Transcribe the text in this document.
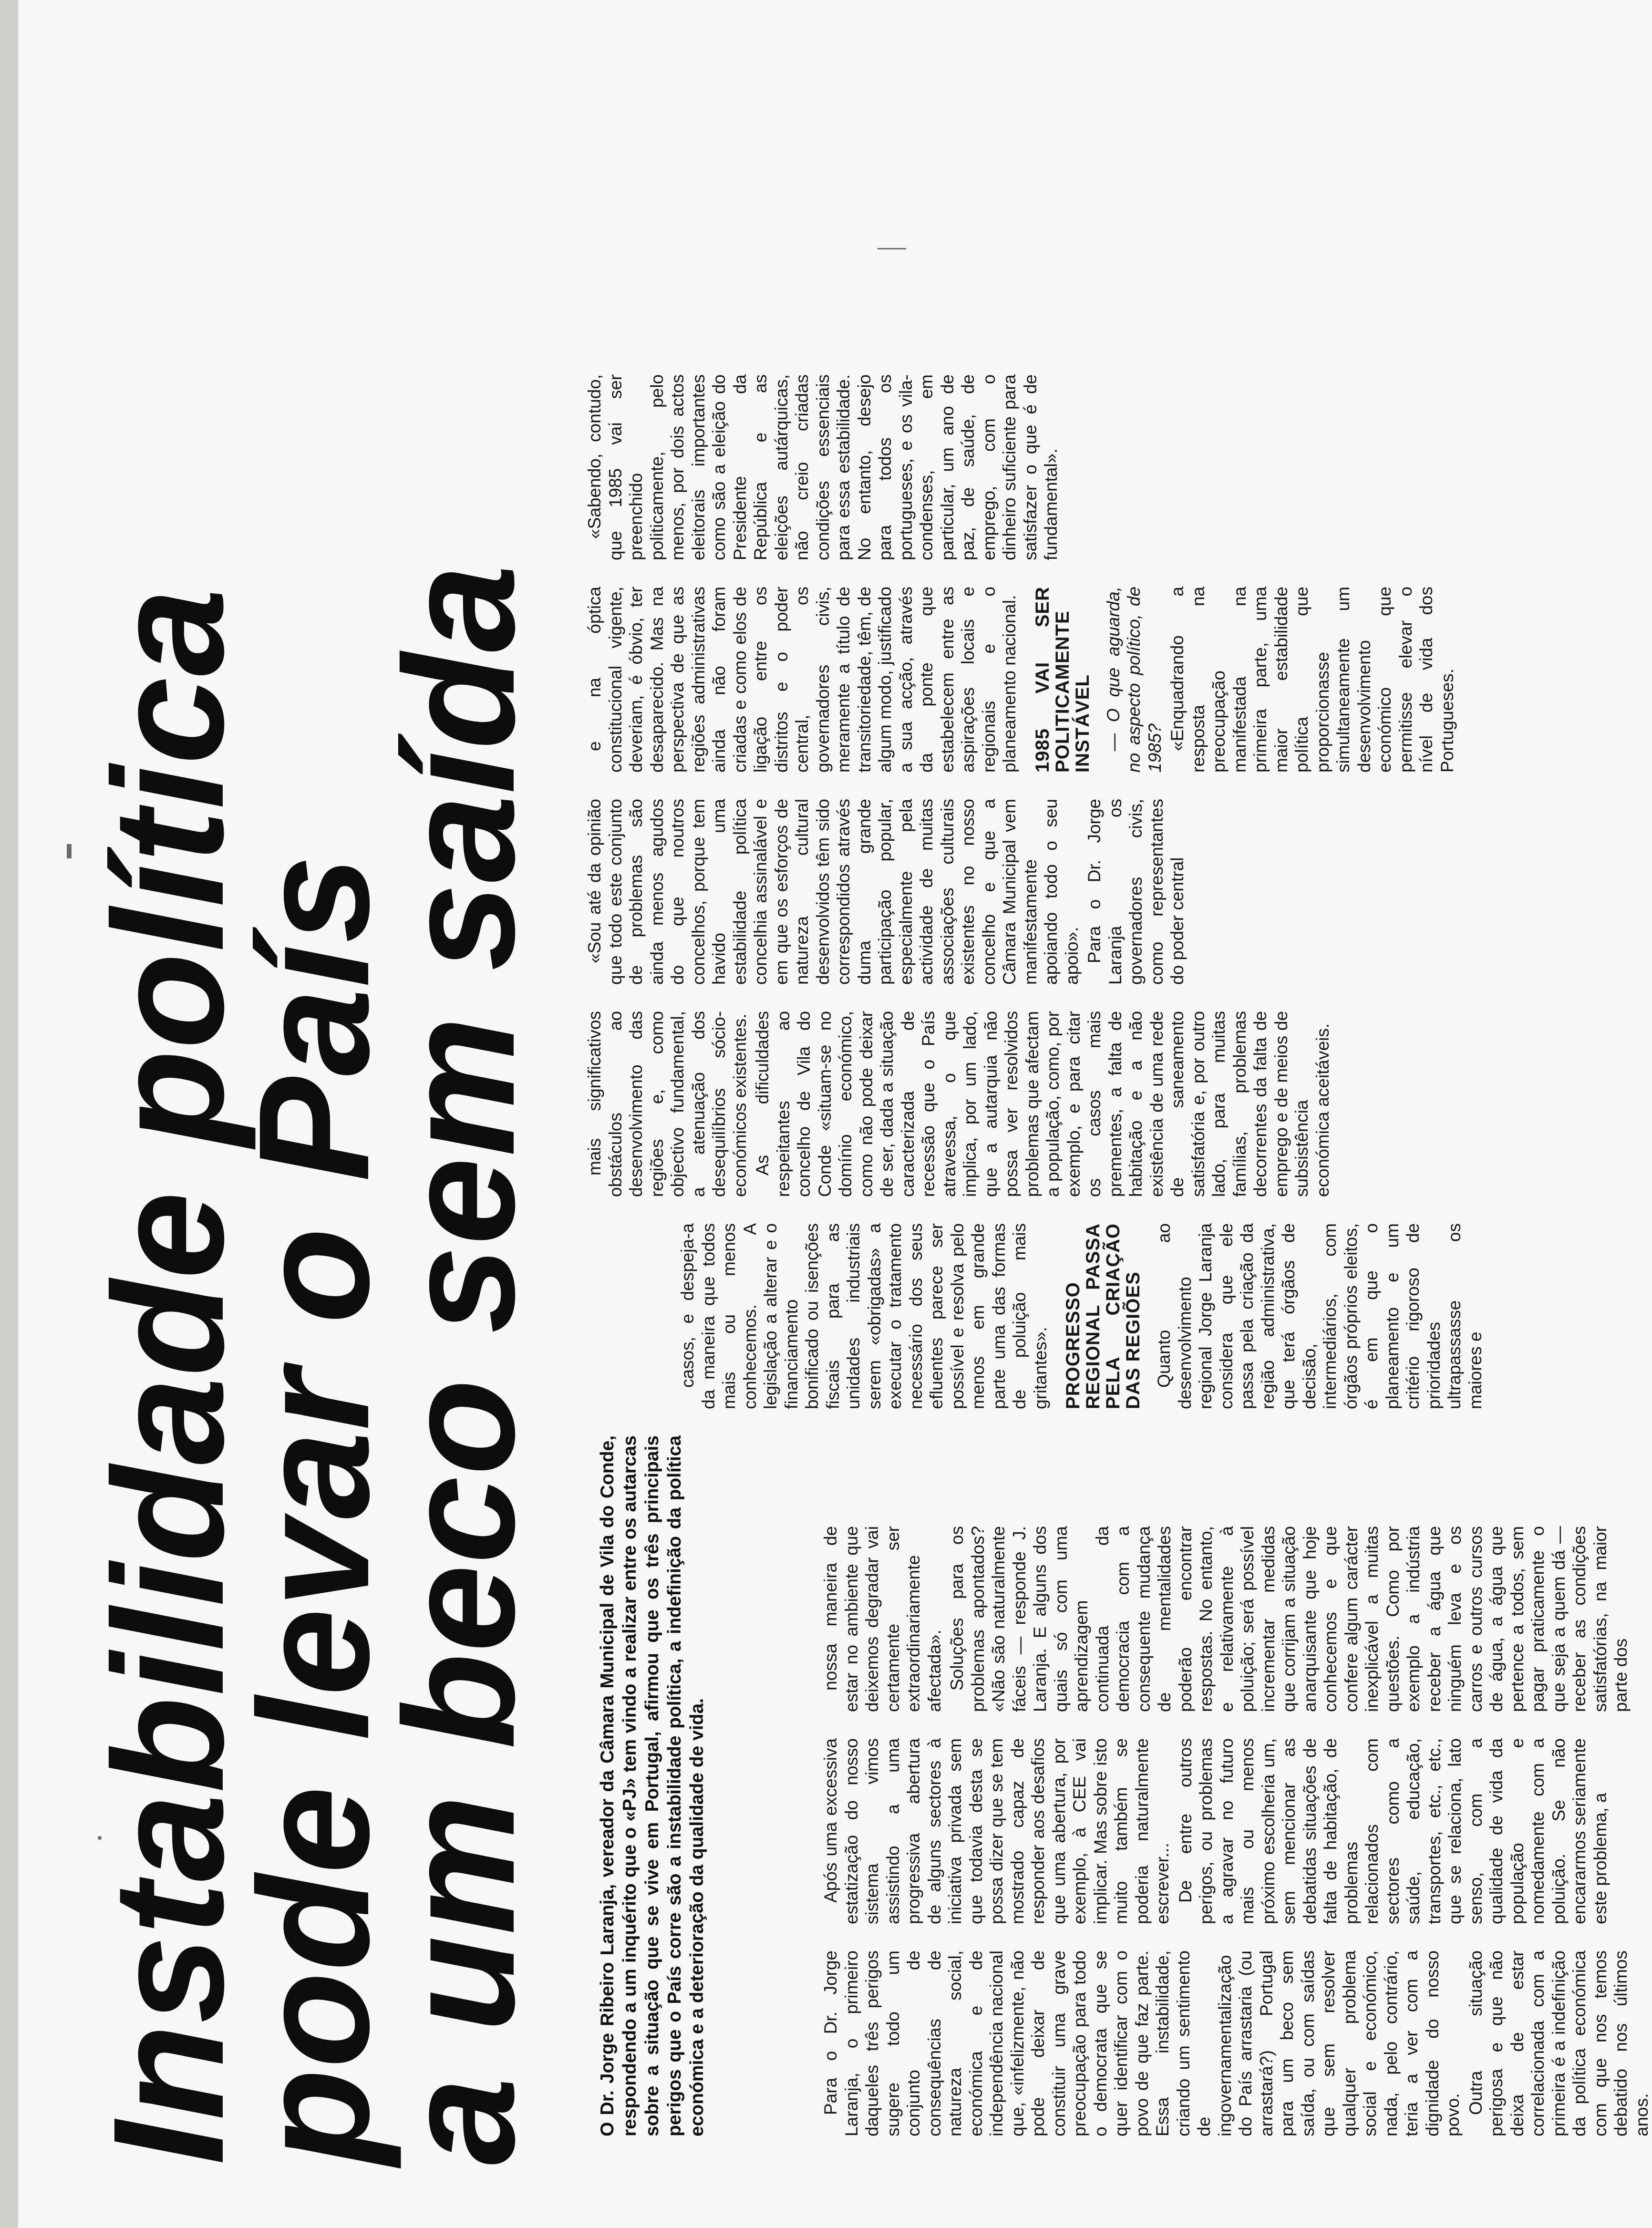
Instabilidade política
pode levar o País
a um beco sem saída	O Dr. Jorge Ribeiro Laranja, vereador da Câmara Municipal de Vila do Conde, respondendo a um inquérito que o «PJ» tem vindo a realizar entre os autarcas sobre a situação que se vive em Portugal, afirmou que os três principais perigos que o País corre são a instabilidade política, a indefinição da política económica e a deterioração da qualidade de vida.	Para o Dr. Jorge Laranja, o primeiro daqueles três perigos sugere todo um conjunto de consequências de natureza social, económica e de independência nacional que, «infelizmente, não pode deixar de constituir uma grave preocupação para todo o democrata que se quer identificar com o povo de que faz parte. Essa instabilidade, criando um sentimento de ingovernamentalização do País arrastaria (ou arrastará?) Portugal para um beco sem saída, ou com saídas que sem resolver qualquer problema social e económico, nada, pelo contrário, teria a ver com a dignidade do nosso povo. Outra situação perigosa e que não deixa de estar correlacionada com a primeira é a indefinição da política económica com que nos temos debatido nos últimos anos.

Após uma excessiva estatização do nosso sistema vimos assistindo a uma progressiva abertura de alguns sectores à iniciativa privada sem que todavia desta se possa dizer que se tem mostrado capaz de responder aos desafios que uma abertura, por exemplo, à CEE vai implicar. Mas sobre isto muito também se poderia naturalmente escrever... De entre outros perigos, ou problemas a agravar no futuro mais ou menos próximo escolheria um, sem mencionar as debatidas situações de falta de habitação, de problemas relacionados com sectores como a saúde, educação, transportes, etc., etc., que se relaciona, lato senso, com a qualidade de vida da população e nomedamente com a poluição. Se não encararmos seriamente este problema, a

nossa maneira de estar no ambiente que deixemos degradar vai certamente ser extraordinariamente afectada». Soluções para os problemas apontados? «Não são naturalmente fáceis — responde J. Laranja. E alguns dos quais só com uma aprendizagem continuada da democracia com a consequente mudança de mentalidades poderão encontrar respostas. No entanto, e relativamente à poluição; será possível incrementar medidas que corrijam a situação anarquisante que hoje conhecemos e que confere algum carácter inexplicável a muitas questões. Como por exemplo a indústria receber a água que ninguém leva e os carros e outros cursos de água, a água que pertence a todos, sem pagar praticamente o que seja a quem dá — receber as condições satisfatórias, na maior parte dos

casos, e despeja-a da maneira que todos mais ou menos conhecemos. A legislação a alterar e o financiamento bonificado ou isenções fiscais para as unidades industriais serem «obrigadas» a executar o tratamento necessário dos seus efluentes parece ser possível e resolva pelo menos em grande parte uma das formas de poluição mais gritantes». PROGRESSO REGIONAL PASSA PELA CRIAÇÃO DAS REGIÕES Quanto ao desenvolvimento regional Jorge Laranja considera que ele passa pela criação da região administrativa, que terá órgãos de decisão, intermediários, com órgãos próprios eleitos, é em que o planeamento e um critério rigoroso de prioridades ultrapassasse os maiores e

mais significativos obstáculos ao desenvolvimento das regiões e, como objectivo fundamental, a atenuação dos desequilíbrios sócio-económicos existentes. As dificuldades respeitantes ao concelho de Vila do Conde «situam-se no domínio económico, como não pode deixar de ser, dada a situação caracterizada de recessão que o País atravessa, o que implica, por um lado, que a autarquia não possa ver resolvidos problemas que afectam a população, como, por exemplo, e para citar os casos mais prementes, a falta de habitação e a não existência de uma rede de saneamento satisfatória e, por outro lado, para muitas famílias, problemas decorrentes da falta de emprego e de meios de subsistência económica aceitáveis.

«Sou até da opinião que todo este conjunto de problemas são ainda menos agudos do que noutros concelhos, porque tem havido uma estabilidade política concelhia assinalável e em que os esforços de natureza cultural desenvolvidos têm sido correspondidos através duma grande participação popular, especialmente pela actividade de muitas associações culturais existentes no nosso concelho e que a Câmara Municipal vem manifestamente apoiando todo o seu apoio». Para o Dr. Jorge Laranja os governadores civis, como representantes do poder central

e na óptica constitucional vigente, deveriam, é óbvio, ter desaparecido. Mas na perspectiva de que as regiões administrativas ainda não foram criadas e como elos de ligação entre os distritos e o poder central, os governadores civis, meramente a título de transitoriedade, têm, de algum modo, justificado a sua acção, através da ponte que estabelecem entre as aspirações locais e regionais e o planeamento nacional. 1985 VAI SER POLITICAMENTE INSTÁVEL — O que aguarda, no aspecto político, de 1985? «Enquadrando a resposta na preocupação manifestada na primeira parte, uma maior estabilidade política que proporcionasse simultaneamente um desenvolvimento económico que permitisse elevar o nível de vida dos Portugueses.

«Sabendo, contudo, que 1985 vai ser preenchido politicamente, pelo menos, por dois actos eleitorais importantes como são a eleição do Presidente da República e as eleições autárquicas, não creio criadas condições essenciais para essa estabilidade. No entanto, desejo para todos os portugueses, e os vila-condenses, em particular, um ano de paz, de saúde, de emprego, com o dinheiro suficiente para satisfazer o que é de fundamental».
